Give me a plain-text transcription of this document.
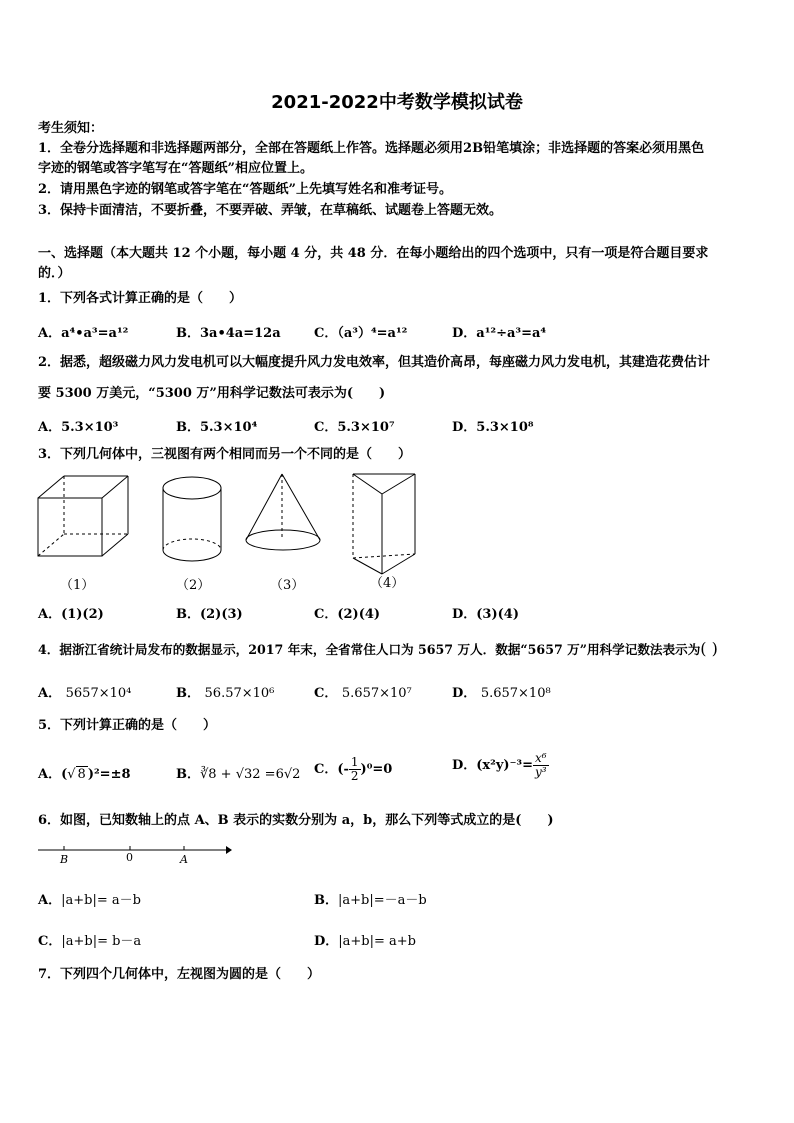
2021-2022中考数学模拟试卷
考生须知：
1．全卷分选择题和非选择题两部分，全部在答题纸上作答。选择题必须用2B铅笔填涂；非选择题的答案必须用黑色
字迹的钢笔或答字笔写在“答题纸”相应位置上。
2．请用黑色字迹的钢笔或答字笔在“答题纸”上先填写姓名和准考证号。
3．保持卡面清洁，不要折叠，不要弄破、弄皱，在草稿纸、试题卷上答题无效。
一、选择题（本大题共 12 个小题，每小题 4 分，共 48 分．在每小题给出的四个选项中，只有一项是符合题目要求
的．）
1．下列各式计算正确的是（　　）
A．a⁴•a³=a¹²	B．3a•4a=12a	C．（a³）⁴=a¹²	D．a¹²÷a³=a⁴
2．据悉，超级磁力风力发电机可以大幅度提升风力发电效率，但其造价高昂，每座磁力风力发电机，其建造花费估计
要 5300 万美元，“5300 万”用科学记数法可表示为(　　)
A．5.3×10³	B．5.3×10⁴	C．5.3×10⁷	D．5.3×10⁸
3．下列几何体中，三视图有两个相同而另一个不同的是（　　）
（1）	（2）	（3）	（4）
A．(1)(2)	B．(2)(3)	C．(2)(4)	D．(3)(4)
4．据浙江省统计局发布的数据显示，2017 年末，全省常住人口为 5657 万人．数据“5657 万”用科学记数法表示为( )
A． 5657×10⁴	B． 56.57×10⁶	C． 5.657×10⁷	D． 5.657×10⁸
5．下列计算正确的是（　　）
A．(√ 8 )²=±8	B．∛8 + √32 =6√2 C．(- $\frac{1}{2} )^0=0$	D．$(x^2y)^{-3}= \frac{\text{x⁶}}{\text{y³}}$
6．如图，已知数轴上的点 A、B 表示的实数分别为 a，b，那么下列等式成立的是(　　)
B	0	A
A．|a+b|= a－b	B．|a+b|=－a－b
C．|a+b|= b－a	D．|a+b|= a+b
7．下列四个几何体中，左视图为圆的是（　　）
